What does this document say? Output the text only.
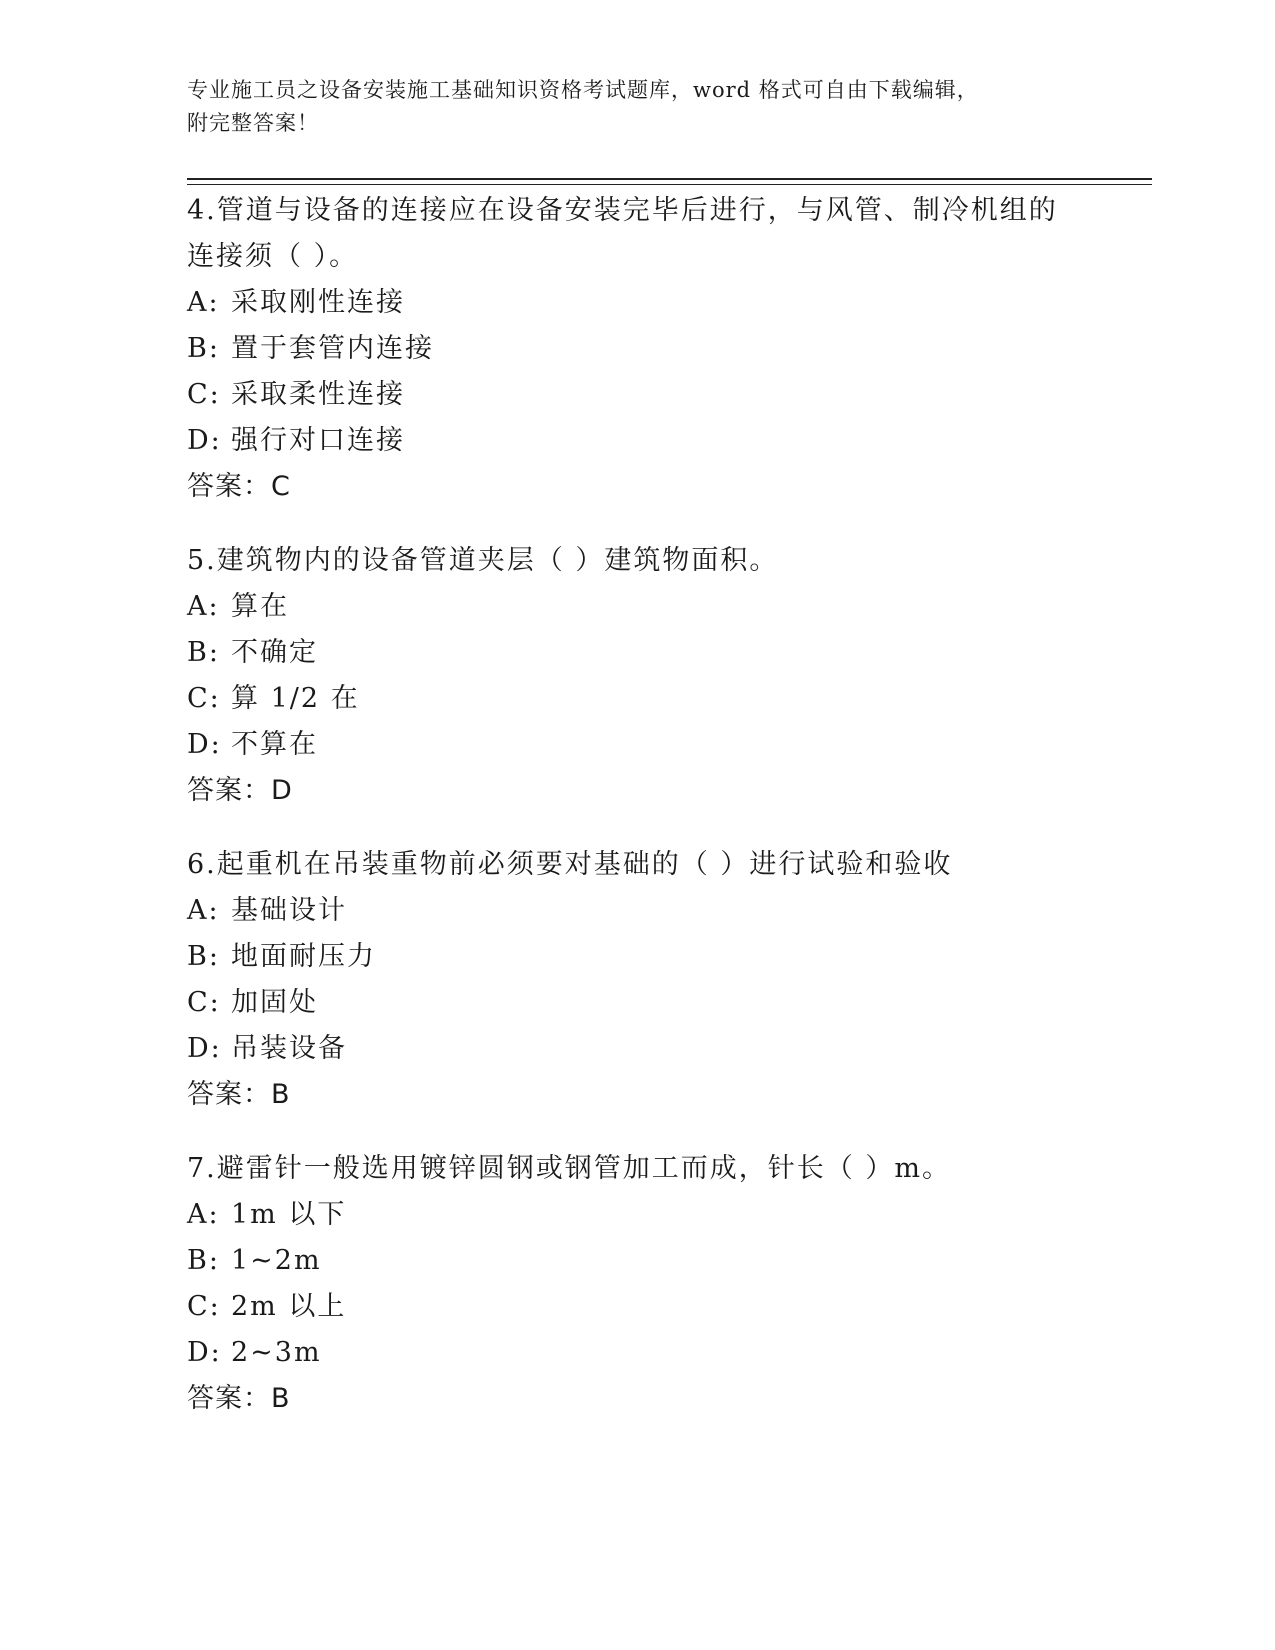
专业施工员之设备安装施工基础知识资格考试题库，word 格式可自由下载编辑，
附完整答案！

4.管道与设备的连接应在设备安装完毕后进行，与风管、制冷机组的

连接须（ ）。

A: 采取刚性连接

B: 置于套管内连接

C: 采取柔性连接

D: 强行对口连接

答案：C

5.建筑物内的设备管道夹层（ ）建筑物面积。

A: 算在

B: 不确定

C: 算 1/2 在

D: 不算在

答案：D

6.起重机在吊装重物前必须要对基础的（ ）进行试验和验收

A: 基础设计

B: 地面耐压力

C: 加固处

D: 吊装设备

答案：B

7.避雷针一般选用镀锌圆钢或钢管加工而成，针长（ ）m。

A: 1m 以下

B: 1~2m

C: 2m 以上

D: 2~3m

答案：B
